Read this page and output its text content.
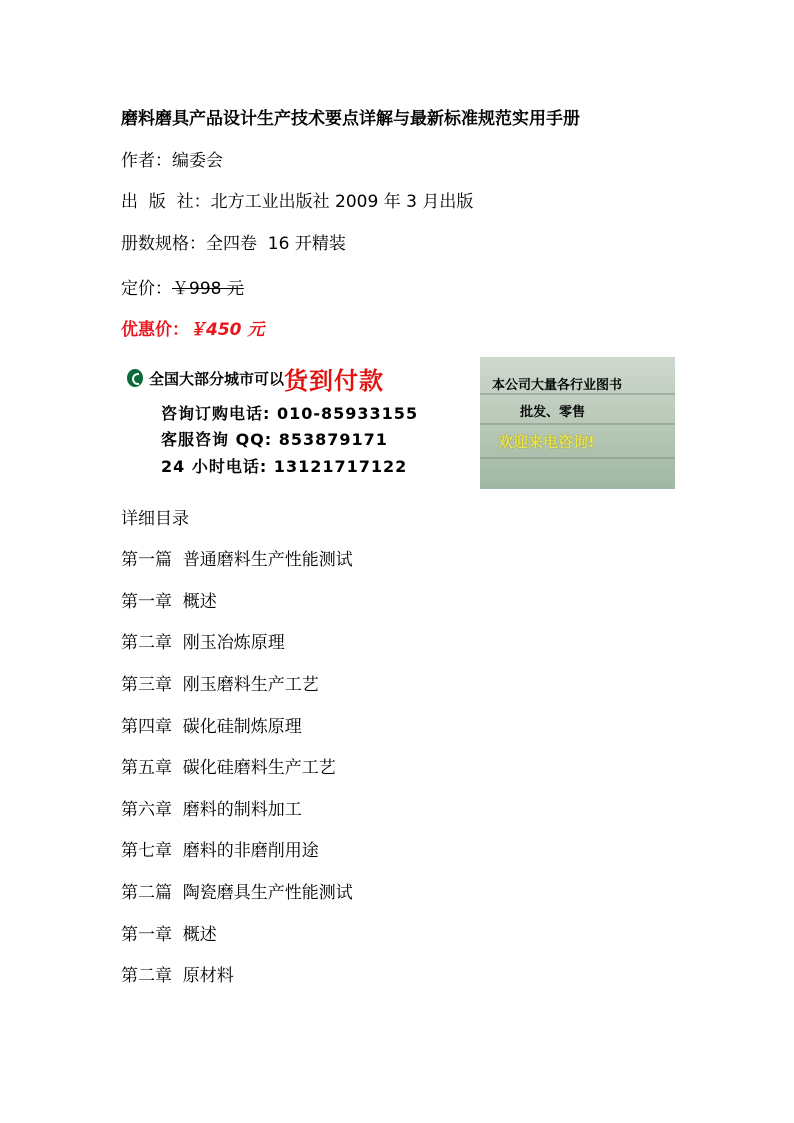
磨料磨具产品设计生产技术要点详解与最新标准规范实用手册
作者：编委会
出  版  社：北方工业出版社 2009 年 3 月出版
册数规格：全四卷  16 开精装
定价：￥998 元
优惠价：￥450 元
全国大部分城市可以 货到付款
咨询订购电话: 010-85933155
客服咨询 QQ: 853879171
24 小时电话: 13121717122
本公司大量各行业图书
批发、零售
欢迎来电咨询!
详细目录
第一篇  普通磨料生产性能测试
第一章  概述
第二章  刚玉冶炼原理
第三章  刚玉磨料生产工艺
第四章  碳化硅制炼原理
第五章  碳化硅磨料生产工艺
第六章  磨料的制料加工
第七章  磨料的非磨削用途
第二篇  陶瓷磨具生产性能测试
第一章  概述
第二章  原材料
